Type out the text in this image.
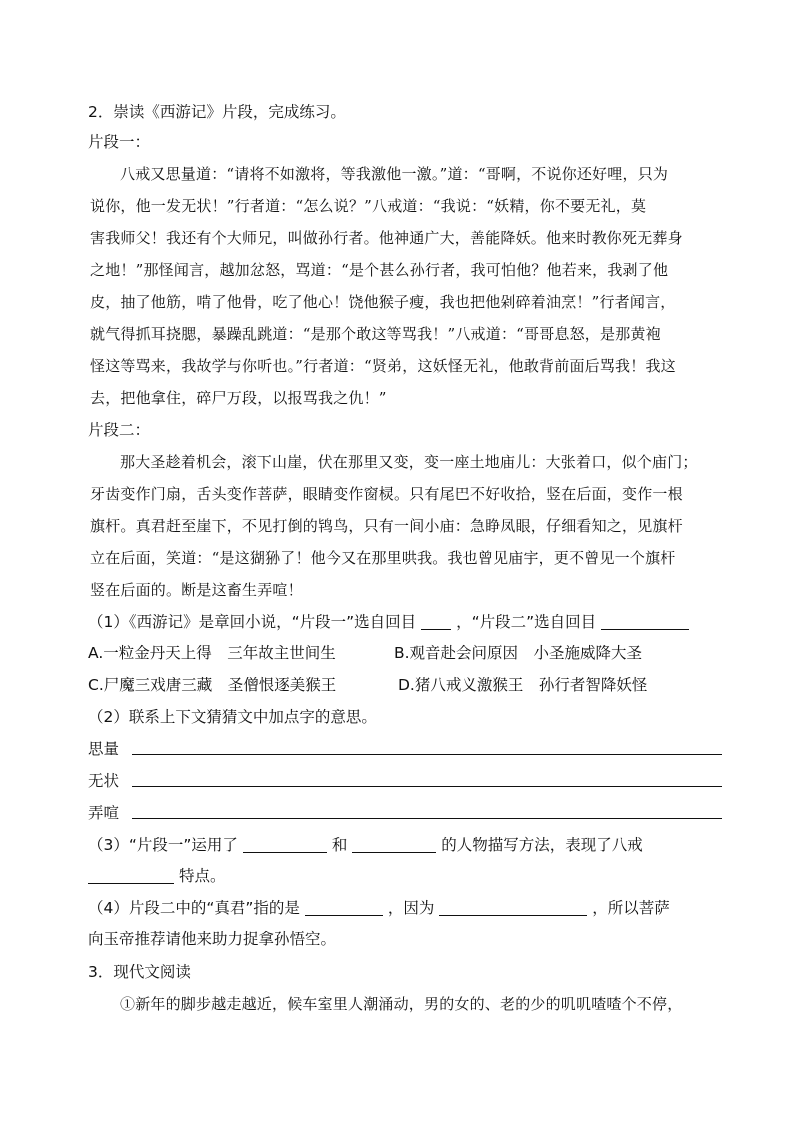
2．崇读《西游记》片段，完成练习。
片段一：
八戒又思量道：“请将不如激将，等我激他一激。”道：“哥啊，不说你还好哩，只为
说你，他一发无状！”行者道：“怎么说？”八戒道：“我说：“妖精，你不要无礼，莫
害我师父！我还有个大师兄，叫做孙行者。他神通广大，善能降妖。他来时教你死无葬身
之地！”那怪闻言，越加忿怒，骂道：“是个甚么孙行者，我可怕他？他若来，我剥了他
皮，抽了他筋，啃了他骨，吃了他心！饶他猴子瘦，我也把他剁碎着油烹！”行者闻言，
就气得抓耳挠腮，暴躁乱跳道：“是那个敢这等骂我！”八戒道：“哥哥息怒，是那黄袍
怪这等骂来，我故学与你听也。”行者道：“贤弟，这妖怪无礼，他敢背前面后骂我！我这
去，把他拿住，碎尸万段，以报骂我之仇！”
片段二：
那大圣趁着机会，滚下山崖，伏在那里又变，变一座土地庙儿：大张着口，似个庙门；
牙齿变作门扇，舌头变作菩萨，眼睛变作窗棂。只有尾巴不好收拾，竖在后面，变作一根
旗杆。真君赶至崖下，不见打倒的鸨鸟，只有一间小庙：急睁凤眼，仔细看知之，见旗杆
立在后面，笑道：“是这猢狲了！他今又在那里哄我。我也曾见庙宇，更不曾见一个旗杆
竖在后面的。断是这畜生弄喧！
（1）《西游记》是章回小说，“片段一”选自回目	，“片段二”选自回目
A.一粒金丹天上得　三年故主世间生	B.观音赴会问原因　小圣施威降大圣
C.尸魔三戏唐三藏　圣僧恨逐美猴王	D.猪八戒义激猴王　孙行者智降妖怪
（2）联系上下文猜猜文中加点字的意思。
思量
无状
弄喧
（3）“片段一”运用了	和	的人物描写方法，表现了八戒
特点。
（4）片段二中的“真君”指的是	，因为	，所以菩萨
向玉帝推荐请他来助力捉拿孙悟空。
3．现代文阅读
①新年的脚步越走越近，候车室里人潮涌动，男的女的、老的少的叽叽喳喳个不停，
